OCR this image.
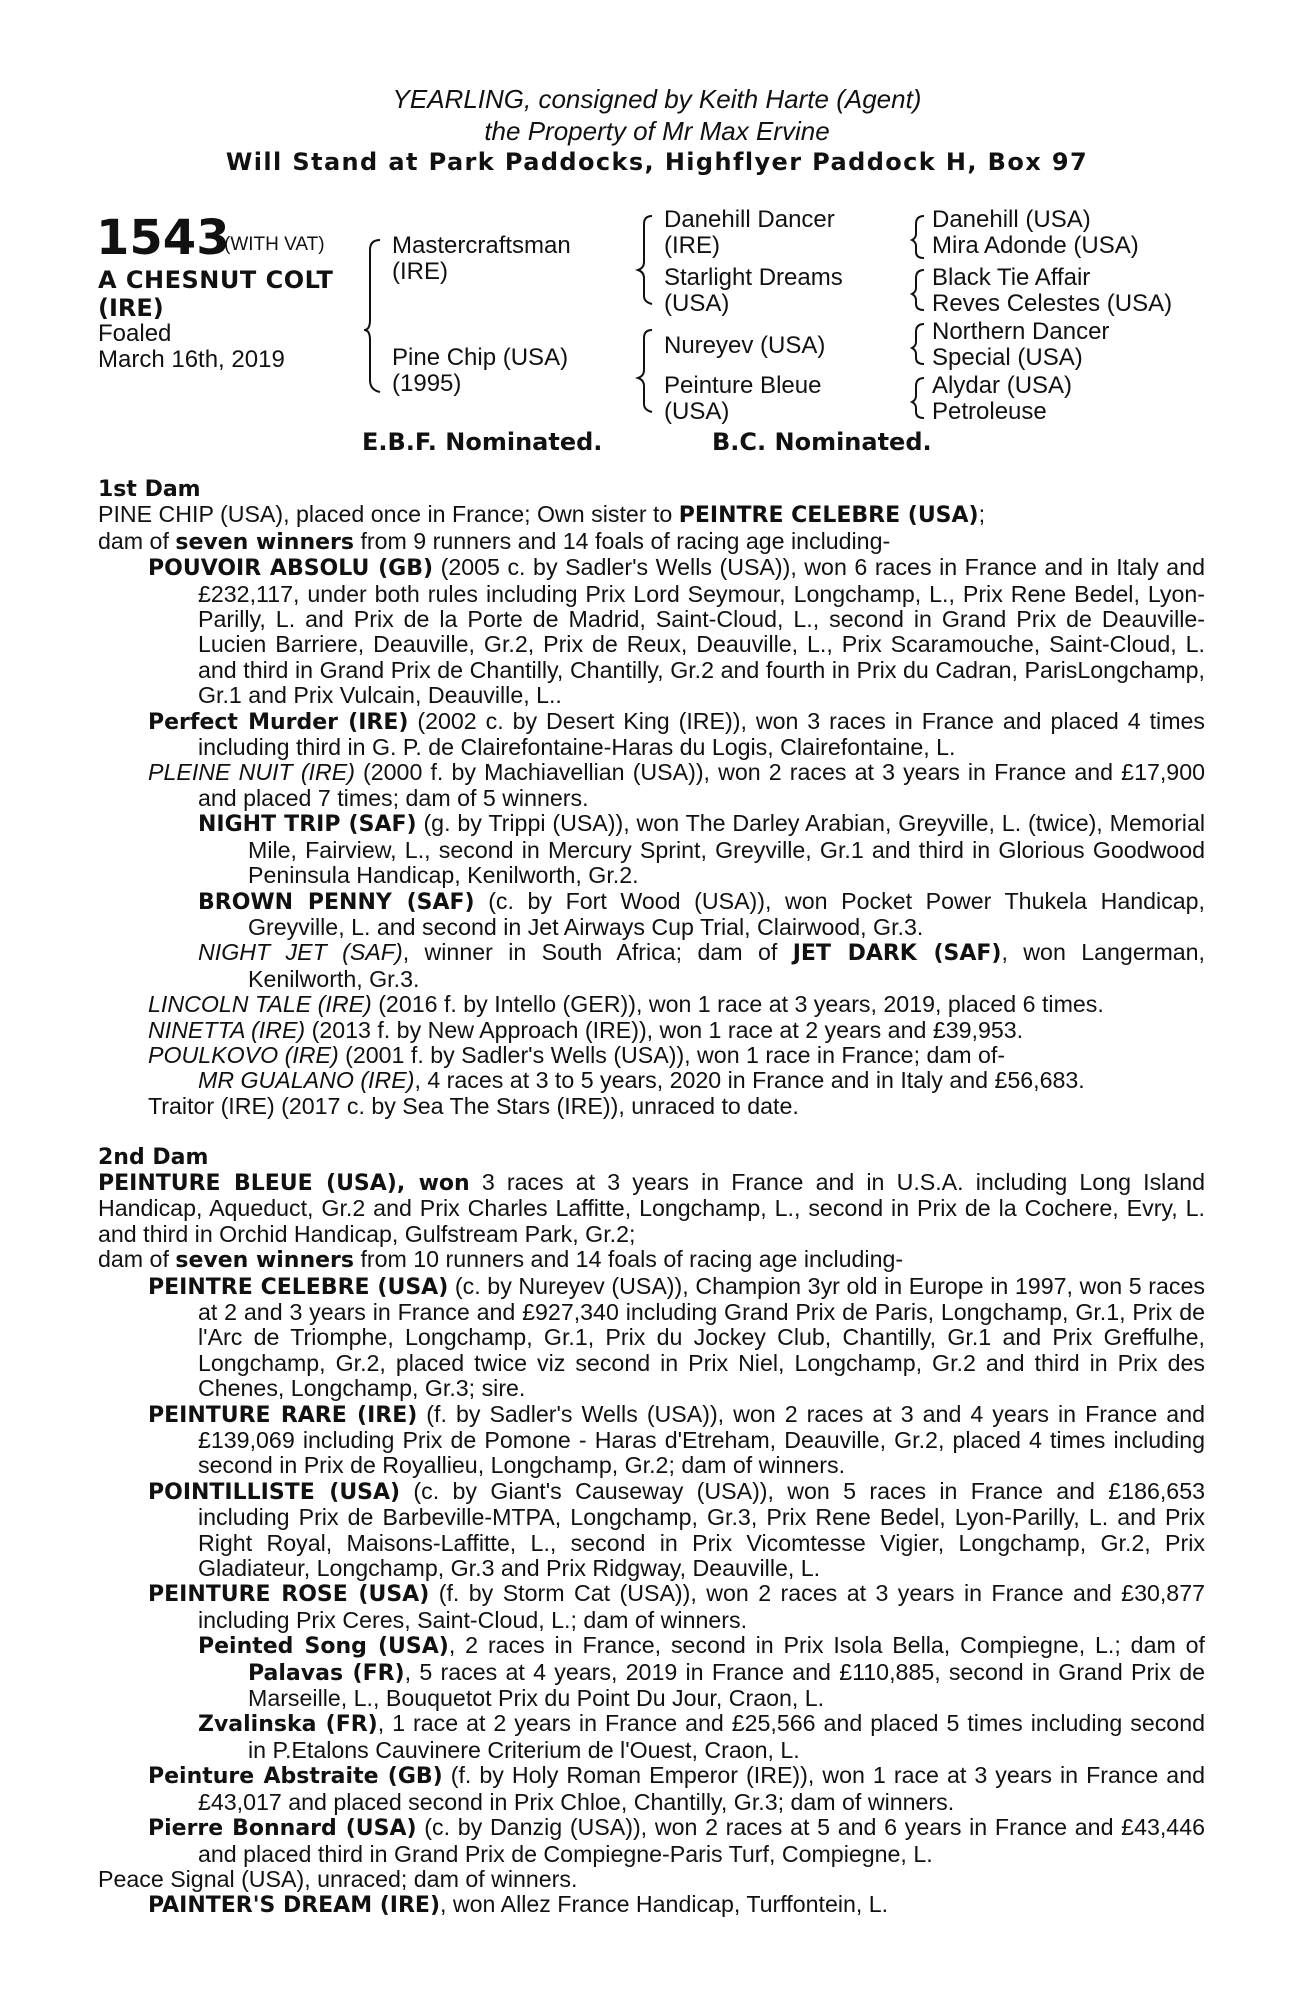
YEARLING, consigned by Keith Harte (Agent)
the Property of Mr Max Ervine
Will Stand at Park Paddocks, Highflyer Paddock H, Box 97
1543
(WITH VAT)
A CHESNUT COLT
(IRE)
Foaled
March 16th, 2019
Mastercraftsman
(IRE)
Pine Chip (USA)
(1995)
Danehill Dancer
(IRE)
Starlight Dreams
(USA)
Nureyev (USA)
Peinture Bleue
(USA)
Danehill (USA)
Mira Adonde (USA)
Black Tie Affair
Reves Celestes (USA)
Northern Dancer
Special (USA)
Alydar (USA)
Petroleuse
E.B.F. Nominated.	B.C. Nominated.

1st Dam

PINE CHIP (USA), placed once in France; Own sister to PEINTRE CELEBRE (USA);

dam of seven winners from 9 runners and 14 foals of racing age including-

POUVOIR ABSOLU (GB) (2005 c. by Sadler's Wells (USA)), won 6 races in France and in Italy and £232,117, under both rules including Prix Lord Seymour, Longchamp, L., Prix Rene Bedel, Lyon-Parilly, L. and Prix de la Porte de Madrid, Saint-Cloud, L., second in Grand Prix de Deauville-Lucien Barriere, Deauville, Gr.2, Prix de Reux, Deauville, L., Prix Scaramouche, Saint-Cloud, L. and third in Grand Prix de Chantilly, Chantilly, Gr.2 and fourth in Prix du Cadran, ParisLongchamp, Gr.1 and Prix Vulcain, Deauville, L..

Perfect Murder (IRE) (2002 c. by Desert King (IRE)), won 3 races in France and placed 4 times including third in G. P. de Clairefontaine-Haras du Logis, Clairefontaine, L.

PLEINE NUIT (IRE) (2000 f. by Machiavellian (USA)), won 2 races at 3 years in France and £17,900 and placed 7 times; dam of 5 winners.

NIGHT TRIP (SAF) (g. by Trippi (USA)), won The Darley Arabian, Greyville, L. (twice), Memorial Mile, Fairview, L., second in Mercury Sprint, Greyville, Gr.1 and third in Glorious Goodwood Peninsula Handicap, Kenilworth, Gr.2.

BROWN PENNY (SAF) (c. by Fort Wood (USA)), won Pocket Power Thukela Handicap, Greyville, L. and second in Jet Airways Cup Trial, Clairwood, Gr.3.

NIGHT JET (SAF), winner in South Africa; dam of JET DARK (SAF), won Langerman, Kenilworth, Gr.3.

LINCOLN TALE (IRE) (2016 f. by Intello (GER)), won 1 race at 3 years, 2019, placed 6 times.

NINETTA (IRE) (2013 f. by New Approach (IRE)), won 1 race at 2 years and £39,953.

POULKOVO (IRE) (2001 f. by Sadler's Wells (USA)), won 1 race in France; dam of-

MR GUALANO (IRE), 4 races at 3 to 5 years, 2020 in France and in Italy and £56,683.

Traitor (IRE) (2017 c. by Sea The Stars (IRE)), unraced to date.

2nd Dam

PEINTURE BLEUE (USA), won 3 races at 3 years in France and in U.S.A. including Long Island Handicap, Aqueduct, Gr.2 and Prix Charles Laffitte, Longchamp, L., second in Prix de la Cochere, Evry, L. and third in Orchid Handicap, Gulfstream Park, Gr.2;

dam of seven winners from 10 runners and 14 foals of racing age including-

PEINTRE CELEBRE (USA) (c. by Nureyev (USA)), Champion 3yr old in Europe in 1997, won 5 races at 2 and 3 years in France and £927,340 including Grand Prix de Paris, Longchamp, Gr.1, Prix de l'Arc de Triomphe, Longchamp, Gr.1, Prix du Jockey Club, Chantilly, Gr.1 and Prix Greffulhe, Longchamp, Gr.2, placed twice viz second in Prix Niel, Longchamp, Gr.2 and third in Prix des Chenes, Longchamp, Gr.3; sire.

PEINTURE RARE (IRE) (f. by Sadler's Wells (USA)), won 2 races at 3 and 4 years in France and £139,069 including Prix de Pomone - Haras d'Etreham, Deauville, Gr.2, placed 4 times including second in Prix de Royallieu, Longchamp, Gr.2; dam of winners.

POINTILLISTE (USA) (c. by Giant's Causeway (USA)), won 5 races in France and £186,653 including Prix de Barbeville-MTPA, Longchamp, Gr.3, Prix Rene Bedel, Lyon-Parilly, L. and Prix Right Royal, Maisons-Laffitte, L., second in Prix Vicomtesse Vigier, Longchamp, Gr.2, Prix Gladiateur, Longchamp, Gr.3 and Prix Ridgway, Deauville, L.

PEINTURE ROSE (USA) (f. by Storm Cat (USA)), won 2 races at 3 years in France and £30,877 including Prix Ceres, Saint-Cloud, L.; dam of winners.

Peinted Song (USA), 2 races in France, second in Prix Isola Bella, Compiegne, L.; dam of Palavas (FR), 5 races at 4 years, 2019 in France and £110,885, second in Grand Prix de Marseille, L., Bouquetot Prix du Point Du Jour, Craon, L.

Zvalinska (FR), 1 race at 2 years in France and £25,566 and placed 5 times including second in P.Etalons Cauvinere Criterium de l'Ouest, Craon, L.

Peinture Abstraite (GB) (f. by Holy Roman Emperor (IRE)), won 1 race at 3 years in France and £43,017 and placed second in Prix Chloe, Chantilly, Gr.3; dam of winners.

Pierre Bonnard (USA) (c. by Danzig (USA)), won 2 races at 5 and 6 years in France and £43,446 and placed third in Grand Prix de Compiegne-Paris Turf, Compiegne, L.

Peace Signal (USA), unraced; dam of winners.

PAINTER'S DREAM (IRE), won Allez France Handicap, Turffontein, L.
